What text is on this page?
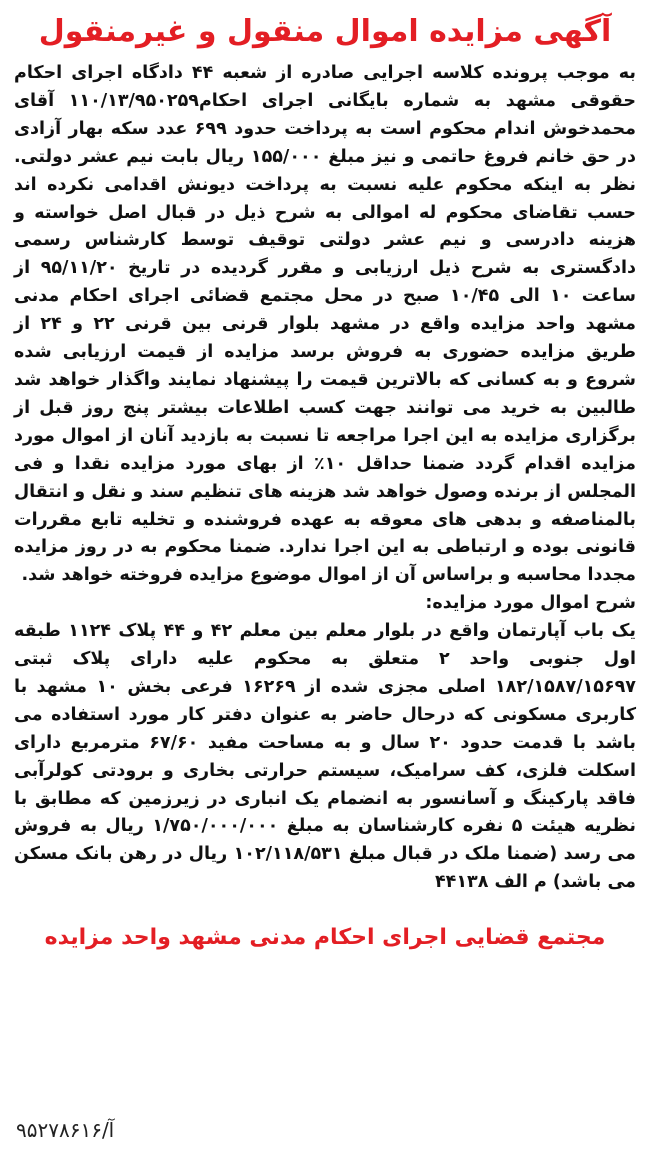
آگهی مزایده اموال منقول و غیرمنقول

به موجب پرونده کلاسه اجرایی صادره از شعبه ۴۴ دادگاه اجرای احکام حقوقی مشهد به شماره بایگانی اجرای احکام۱۱۰/۱۳/۹۵۰۲۵۹ آقای محمدخوش اندام محکوم است به پرداخت حدود ۶۹۹ عدد سکه بهار آزادی در حق خانم فروغ حاتمی و نیز مبلغ ۱۵۵/۰۰۰ ریال بابت نیم عشر دولتی. نظر به اینکه محکوم علیه نسبت به پرداخت دیونش اقدامی نکرده اند حسب تقاضای محکوم له اموالی به شرح ذیل در قبال اصل خواسته و هزینه دادرسی و نیم عشر دولتی توقیف توسط کارشناس رسمی دادگستری به شرح ذیل ارزیابی و مقرر گردیده در تاریخ ۹۵/۱۱/۲۰ از ساعت ۱۰ الی ۱۰/۴۵ صبح در محل مجتمع قضائی اجرای احکام مدنی مشهد واحد مزایده واقع در مشهد بلوار قرنی بین قرنی ۲۲ و ۲۴ از طریق مزایده حضوری به فروش برسد مزایده از قیمت ارزیابی شده شروع و به کسانی که بالاترین قیمت را پیشنهاد نمایند واگذار خواهد شد طالبین به خرید می توانند جهت کسب اطلاعات بیشتر پنج روز قبل از برگزاری مزایده به این اجرا مراجعه تا نسبت به بازدید آنان از اموال مورد مزایده اقدام گردد ضمنا حداقل ۱۰٪ از بهای مورد مزایده نقدا و فی المجلس از برنده وصول خواهد شد هزینه های تنظیم سند و نقل و انتقال بالمناصفه و بدهی های معوقه به عهده فروشنده و تخلیه تابع مقررات قانونی بوده و ارتباطی به این اجرا ندارد. ضمنا محکوم به در روز مزایده مجددا محاسبه و براساس آن از اموال موضوع مزایده فروخته خواهد شد.

شرح اموال مورد مزایده:

یک باب آپارتمان واقع در بلوار معلم بین معلم ۴۲ و ۴۴ پلاک ۱۱۲۴ طبقه اول جنوبی واحد ۲ متعلق به محکوم علیه دارای پلاک ثبتی ۱۸۲/۱۵۸۷/۱۵۶۹۷ اصلی مجزی شده از ۱۶۲۶۹ فرعی بخش ۱۰ مشهد با کاربری مسکونی که درحال حاضر به عنوان دفتر کار مورد استفاده می باشد با قدمت حدود ۲۰ سال و به مساحت مفید ۶۷/۶۰ مترمربع دارای اسکلت فلزی، کف سرامیک، سیستم حرارتی بخاری و برودتی کولرآبی فاقد پارکینگ و آسانسور به انضمام یک انباری در زیرزمین که مطابق با نظریه هیئت ۵ نفره کارشناسان به مبلغ ۱/۷۵۰/۰۰۰/۰۰۰ ریال به فروش می رسد (ضمنا ملک در قبال مبلغ ۱۰۲/۱۱۸/۵۳۱ ریال در رهن بانک مسکن می باشد) م الف ۴۴۱۳۸

مجتمع قضایی اجرای احکام مدنی مشهد واحد مزایده
آ/۹۵۲۷۸۶۱۶
